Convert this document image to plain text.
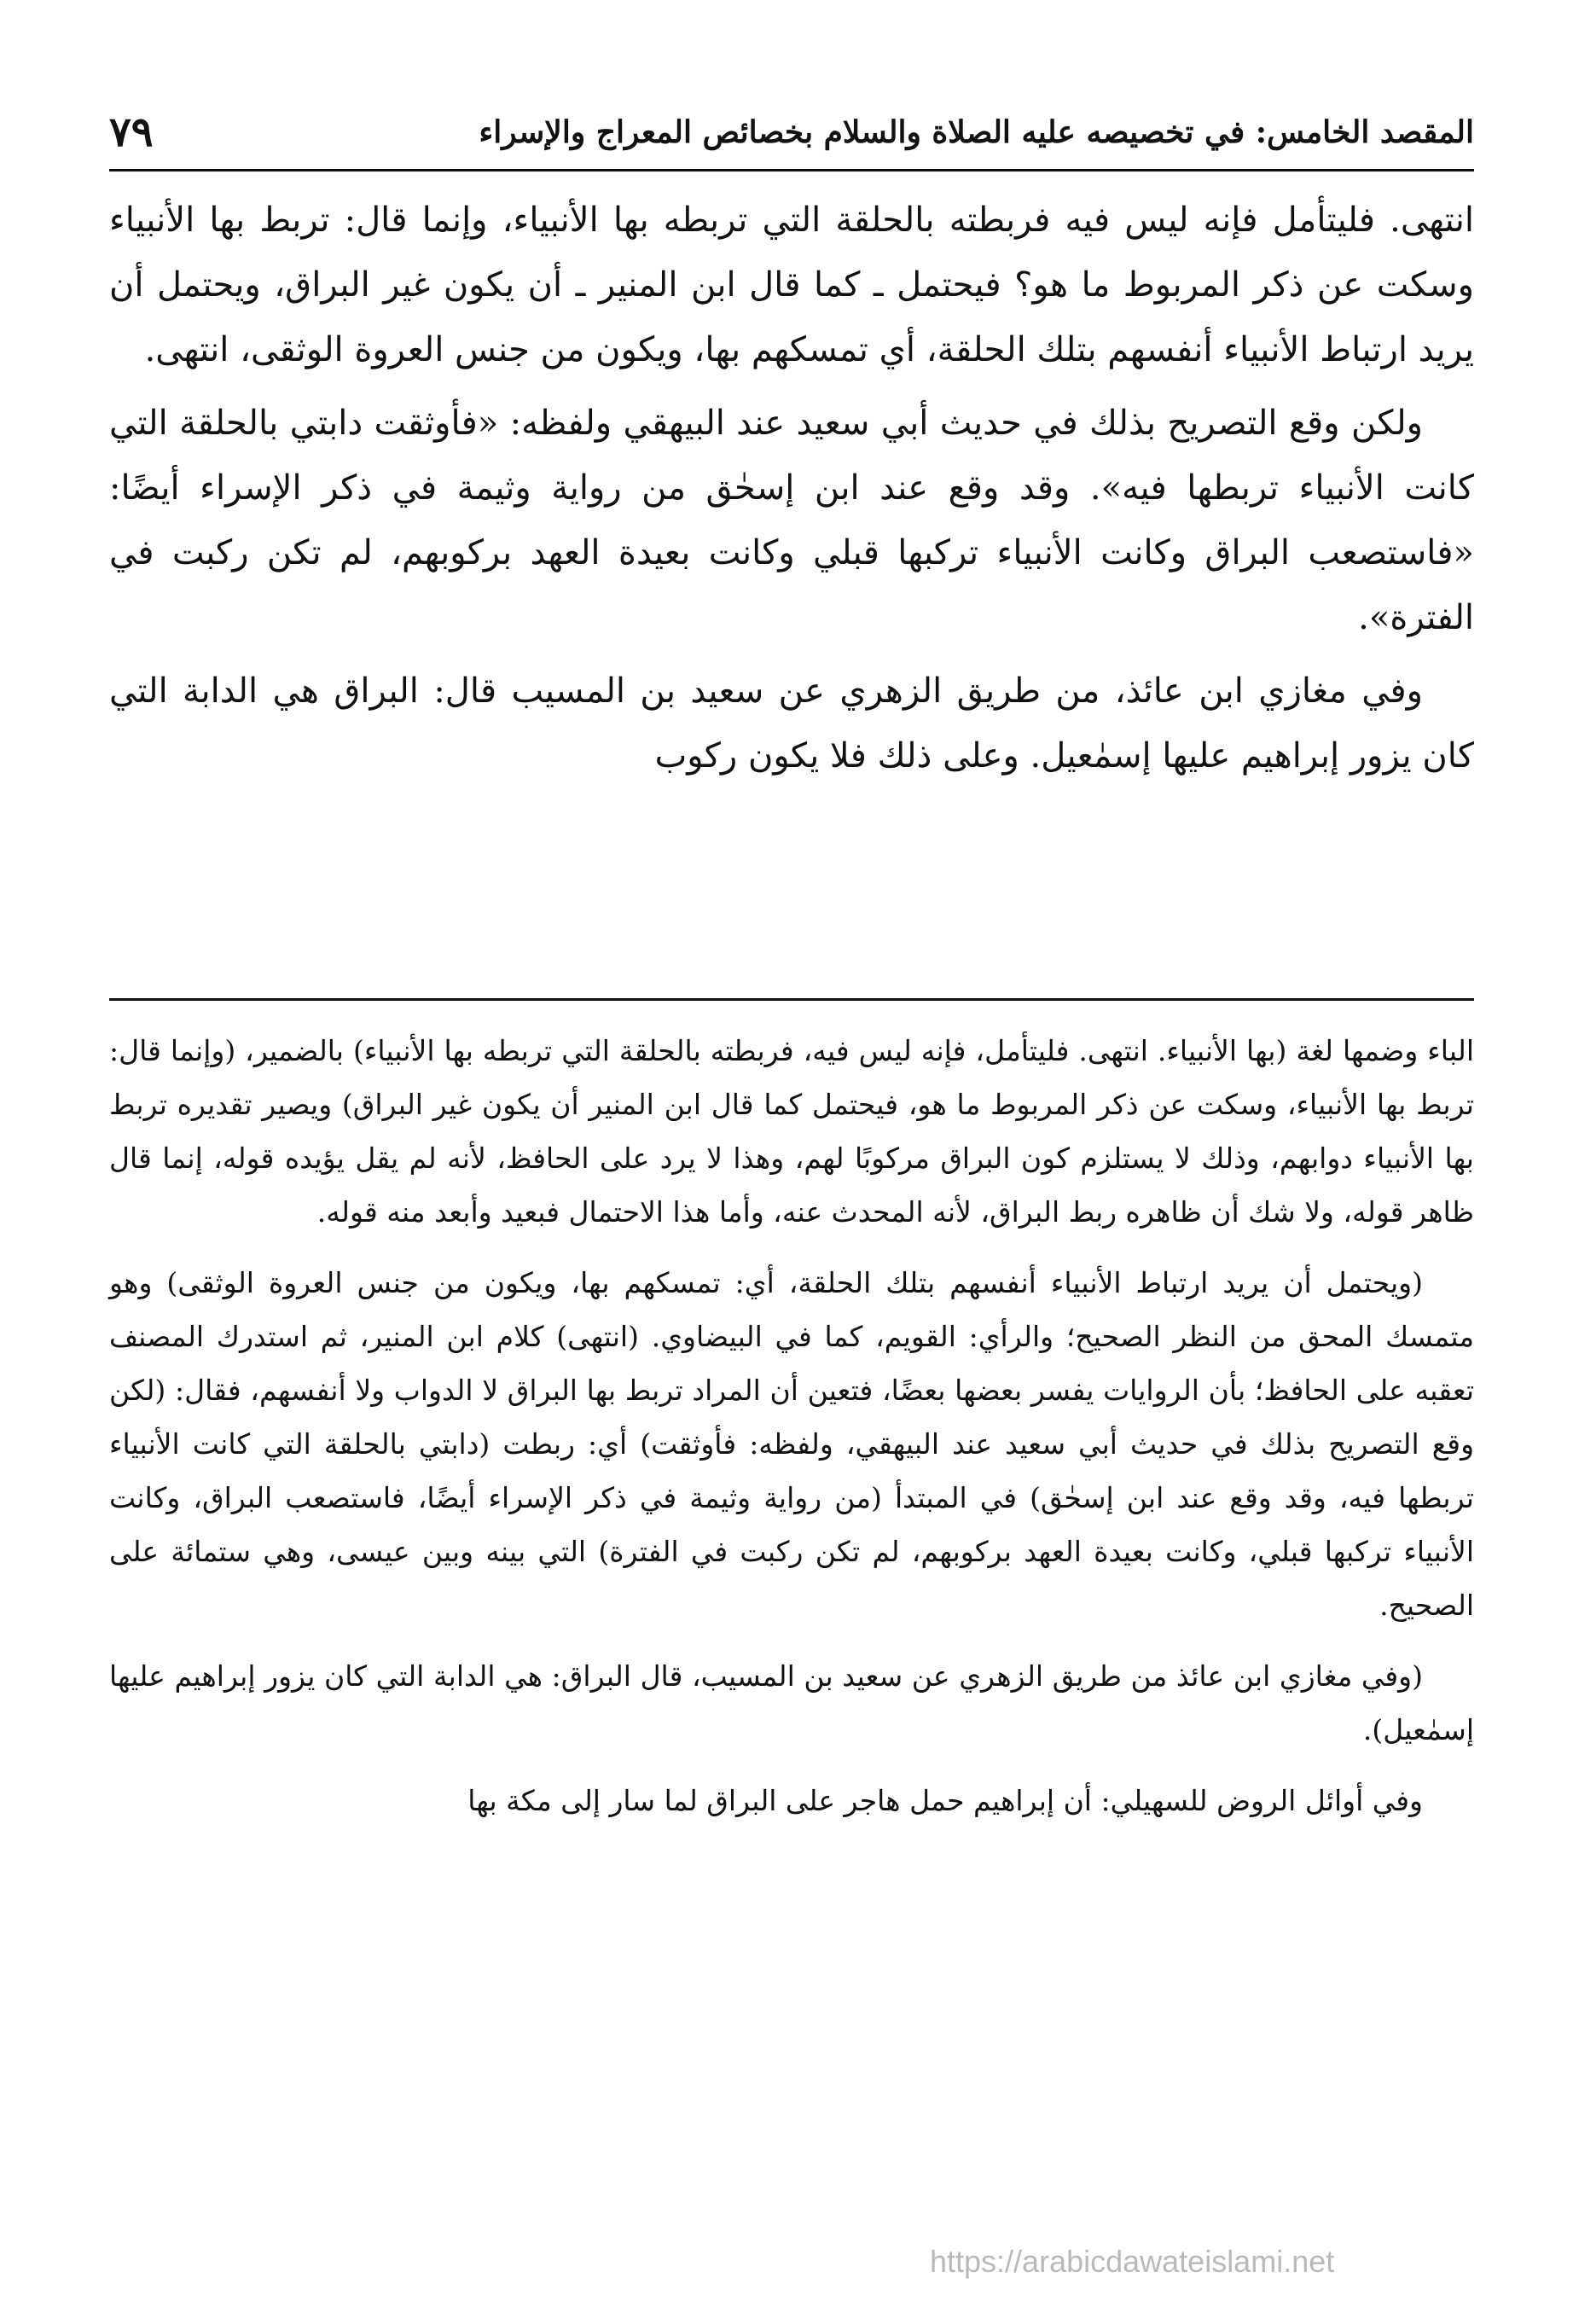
المقصد الخامس: في تخصيصه عليه الصلاة والسلام بخصائص المعراج والإسراء
٧٩

انتهى. فليتأمل فإنه ليس فيه فربطته بالحلقة التي تربطه بها الأنبياء، وإنما قال: تربط بها الأنبياء وسكت عن ذكر المربوط ما هو؟ فيحتمل ـ كما قال ابن المنير ـ أن يكون غير البراق، ويحتمل أن يريد ارتباط الأنبياء أنفسهم بتلك الحلقة، أي تمسكهم بها، ويكون من جنس العروة الوثقى، انتهى.

ولكن وقع التصريح بذلك في حديث أبي سعيد عند البيهقي ولفظه: «فأوثقت دابتي بالحلقة التي كانت الأنبياء تربطها فيه». وقد وقع عند ابن إسحٰق من رواية وثيمة في ذكر الإسراء أيضًا: «فاستصعب البراق وكانت الأنبياء تركبها قبلي وكانت بعيدة العهد بركوبهم، لم تكن ركبت في الفترة».

وفي مغازي ابن عائذ، من طريق الزهري عن سعيد بن المسيب قال: البراق هي الدابة التي كان يزور إبراهيم عليها إسمٰعيل. وعلى ذلك فلا يكون ركوب

الباء وضمها لغة (بها الأنبياء. انتهى. فليتأمل، فإنه ليس فيه، فربطته بالحلقة التي تربطه بها الأنبياء) بالضمير، (وإنما قال: تربط بها الأنبياء، وسكت عن ذكر المربوط ما هو، فيحتمل كما قال ابن المنير أن يكون غير البراق) ويصير تقديره تربط بها الأنبياء دوابهم، وذلك لا يستلزم كون البراق مركوبًا لهم، وهذا لا يرد على الحافظ، لأنه لم يقل يؤيده قوله، إنما قال ظاهر قوله، ولا شك أن ظاهره ربط البراق، لأنه المحدث عنه، وأما هذا الاحتمال فبعيد وأبعد منه قوله.

(ويحتمل أن يريد ارتباط الأنبياء أنفسهم بتلك الحلقة، أي: تمسكهم بها، ويكون من جنس العروة الوثقى) وهو متمسك المحق من النظر الصحيح؛ والرأي: القويم، كما في البيضاوي. (انتهى) كلام ابن المنير، ثم استدرك المصنف تعقبه على الحافظ؛ بأن الروايات يفسر بعضها بعضًا، فتعين أن المراد تربط بها البراق لا الدواب ولا أنفسهم، فقال: (لكن وقع التصريح بذلك في حديث أبي سعيد عند البيهقي، ولفظه: فأوثقت) أي: ربطت (دابتي بالحلقة التي كانت الأنبياء تربطها فيه، وقد وقع عند ابن إسحٰق) في المبتدأ (من رواية وثيمة في ذكر الإسراء أيضًا، فاستصعب البراق، وكانت الأنبياء تركبها قبلي، وكانت بعيدة العهد بركوبهم، لم تكن ركبت في الفترة) التي بينه وبين عيسى، وهي ستمائة على الصحيح.

(وفي مغازي ابن عائذ من طريق الزهري عن سعيد بن المسيب، قال البراق: هي الدابة التي كان يزور إبراهيم عليها إسمٰعيل).

وفي أوائل الروض للسهيلي: أن إبراهيم حمل هاجر على البراق لما سار إلى مكة بها

https://arabicdawateislami.net
